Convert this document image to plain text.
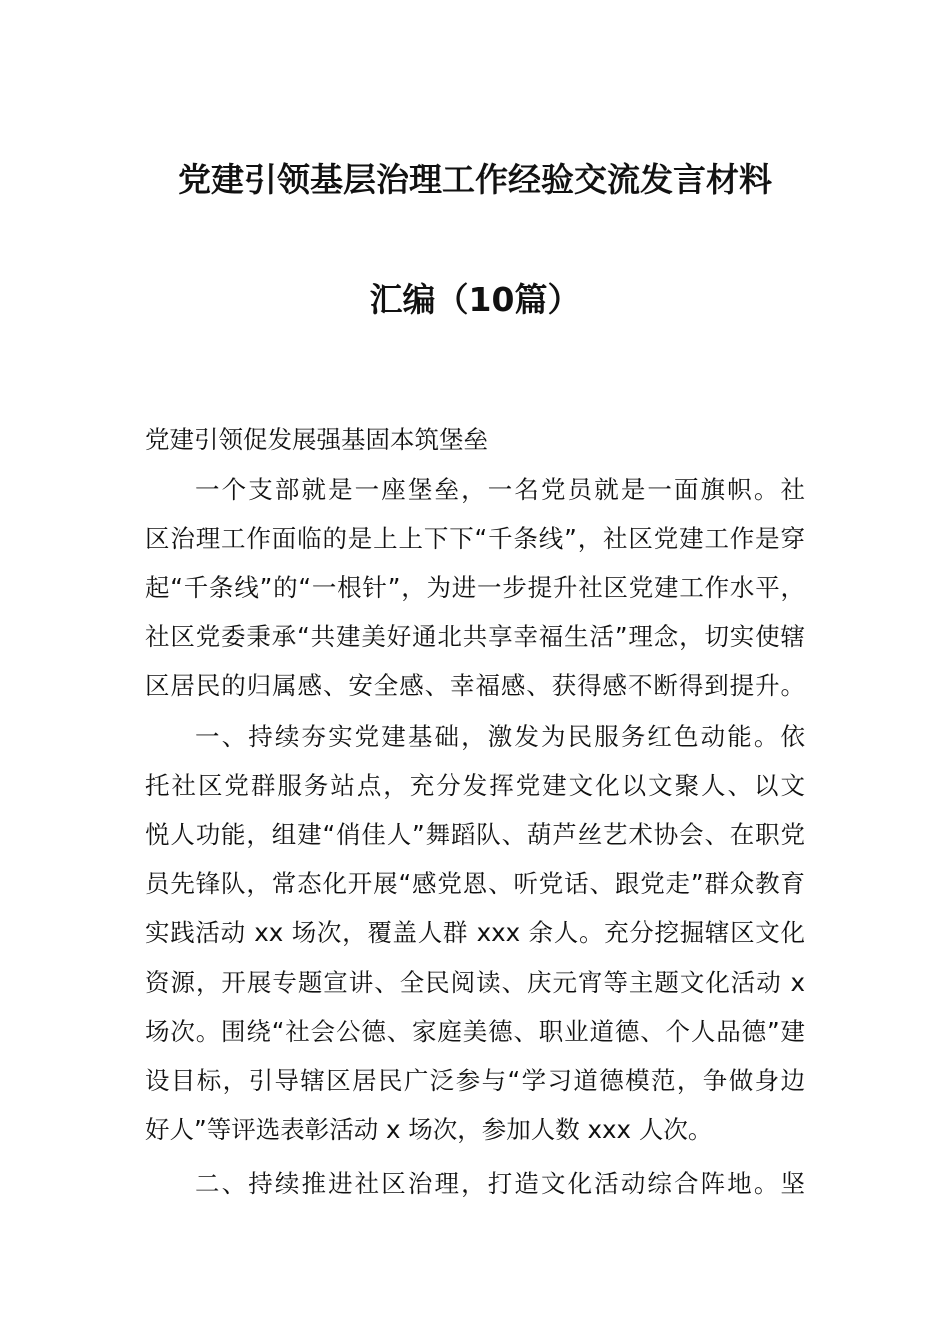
党建引领基层治理工作经验交流发言材料
汇编（10篇）
党建引领促发展强基固本筑堡垒
一个支部就是一座堡垒，一名党员就是一面旗帜。社
区治理工作面临的是上上下下“千条线”，社区党建工作是穿
起“千条线”的“一根针”，为进一步提升社区党建工作水平，
社区党委秉承“共建美好通北共享幸福生活”理念，切实使辖
区居民的归属感、安全感、幸福感、获得感不断得到提升。
一、持续夯实党建基础，激发为民服务红色动能。依
托社区党群服务站点，充分发挥党建文化以文聚人、以文
悦人功能，组建“俏佳人”舞蹈队、葫芦丝艺术协会、在职党
员先锋队，常态化开展“感党恩、听党话、跟党走”群众教育
实践活动 xx 场次，覆盖人群 xxx 余人。充分挖掘辖区文化
资源，开展专题宣讲、全民阅读、庆元宵等主题文化活动 x
场次。围绕“社会公德、家庭美德、职业道德、个人品德”建
设目标，引导辖区居民广泛参与“学习道德模范，争做身边
好人”等评选表彰活动 x 场次，参加人数 xxx 人次。
二、持续推进社区治理，打造文化活动综合阵地。坚
